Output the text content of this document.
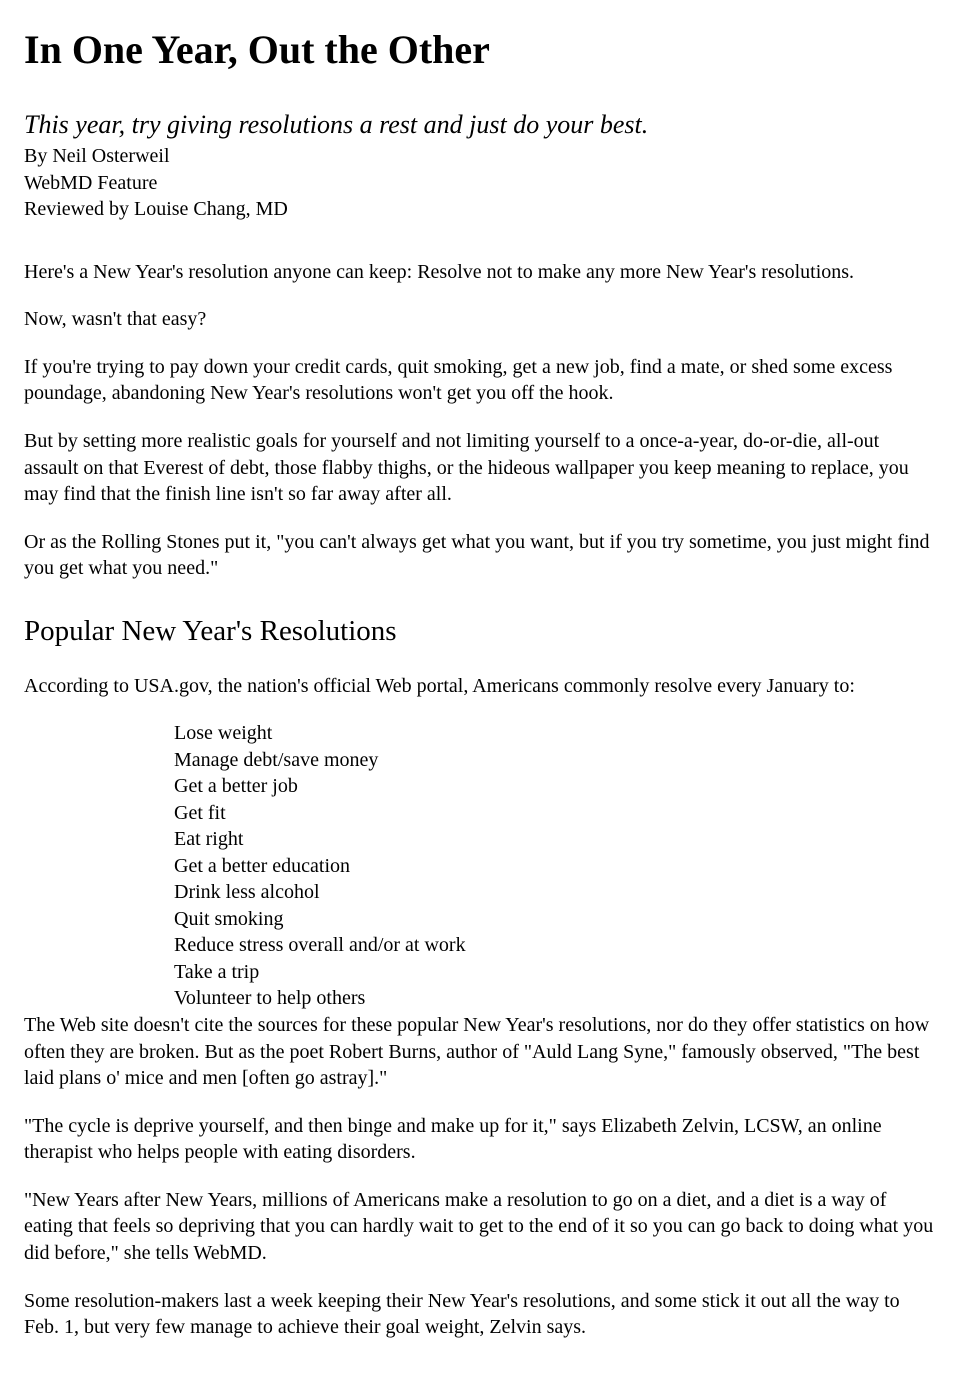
In One Year, Out the Other
This year, try giving resolutions a rest and just do your best.
By Neil Osterweil
WebMD Feature
Reviewed by Louise Chang, MD

Here's a New Year's resolution anyone can keep: Resolve not to make any more New Year's resolutions.

Now, wasn't that easy?

If you're trying to pay down your credit cards, quit smoking, get a new job, find a mate, or shed some excess poundage, abandoning New Year's resolutions won't get you off the hook.

But by setting more realistic goals for yourself and not limiting yourself to a once-a-year, do-or-die, all-out assault on that Everest of debt, those flabby thighs, or the hideous wallpaper you keep meaning to replace, you may find that the finish line isn't so far away after all.

Or as the Rolling Stones put it, "you can't always get what you want, but if you try sometime, you just might find you get what you need."

Popular New Year's Resolutions

According to USA.gov, the nation's official Web portal, Americans commonly resolve every January to:

Lose weight
Manage debt/save money
Get a better job
Get fit
Eat right
Get a better education
Drink less alcohol
Quit smoking
Reduce stress overall and/or at work
Take a trip
Volunteer to help others

The Web site doesn't cite the sources for these popular New Year's resolutions, nor do they offer statistics on how often they are broken. But as the poet Robert Burns, author of "Auld Lang Syne," famously observed, "The best laid plans o' mice and men [often go astray]."

"The cycle is deprive yourself, and then binge and make up for it," says Elizabeth Zelvin, LCSW, an online therapist who helps people with eating disorders.

"New Years after New Years, millions of Americans make a resolution to go on a diet, and a diet is a way of eating that feels so depriving that you can hardly wait to get to the end of it so you can go back to doing what you did before," she tells WebMD.

Some resolution-makers last a week keeping their New Year's resolutions, and some stick it out all the way to Feb. 1, but very few manage to achieve their goal weight, Zelvin says.
